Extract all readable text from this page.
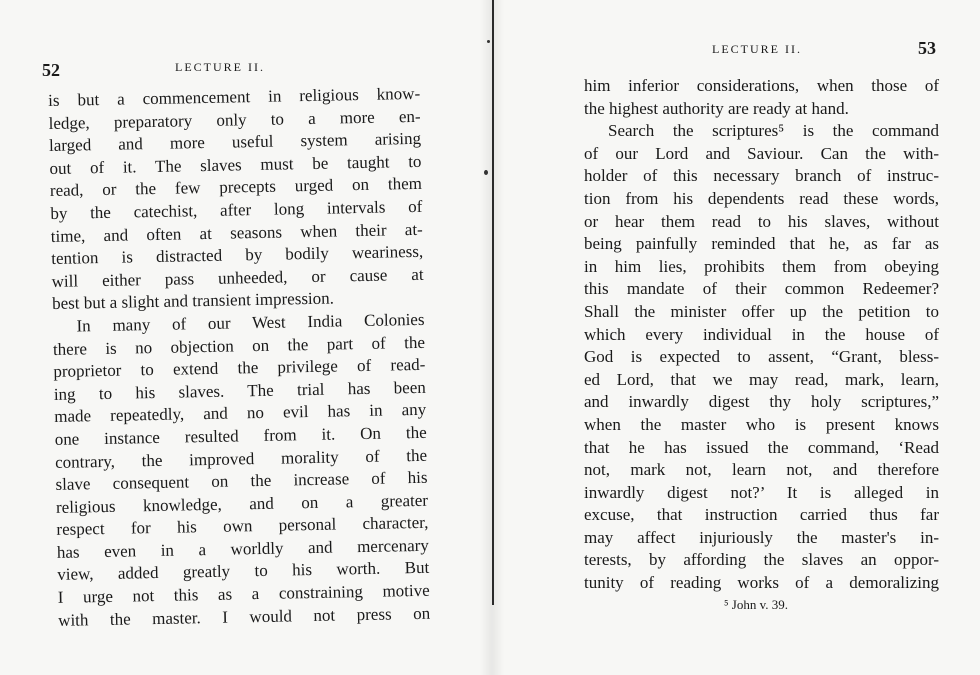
52	LECTURE II.
is but a commencement in religious know-
ledge, preparatory only to a more en-
larged and more useful system arising
out of it. The slaves must be taught to
read, or the few precepts urged on them
by the catechist, after long intervals of
time, and often at seasons when their at-
tention is distracted by bodily weariness,
will either pass unheeded, or cause at
best but a slight and transient impression.
In many of our West India Colonies
there is no objection on the part of the
proprietor to extend the privilege of read-
ing to his slaves. The trial has been
made repeatedly, and no evil has in any
one instance resulted from it. On the
contrary, the improved morality of the
slave consequent on the increase of his
religious knowledge, and on a greater
respect for his own personal character,
has even in a worldly and mercenary
view, added greatly to his worth. But
I urge not this as a constraining motive
with the master. I would not press on
LECTURE II.	53
him inferior considerations, when those of
the highest authority are ready at hand.
Search the scriptures⁵ is the command
of our Lord and Saviour. Can the with-
holder of this necessary branch of instruc-
tion from his dependents read these words,
or hear them read to his slaves, without
being painfully reminded that he, as far as
in him lies, prohibits them from obeying
this mandate of their common Redeemer?
Shall the minister offer up the petition to
which every individual in the house of
God is expected to assent, “Grant, bless-
ed Lord, that we may read, mark, learn,
and inwardly digest thy holy scriptures,”
when the master who is present knows
that he has issued the command, ‘Read
not, mark not, learn not, and therefore
inwardly digest not?’ It is alleged in
excuse, that instruction carried thus far
may affect injuriously the master's in-
terests, by affording the slaves an oppor-
tunity of reading works of a demoralizing
⁵ John v. 39.
